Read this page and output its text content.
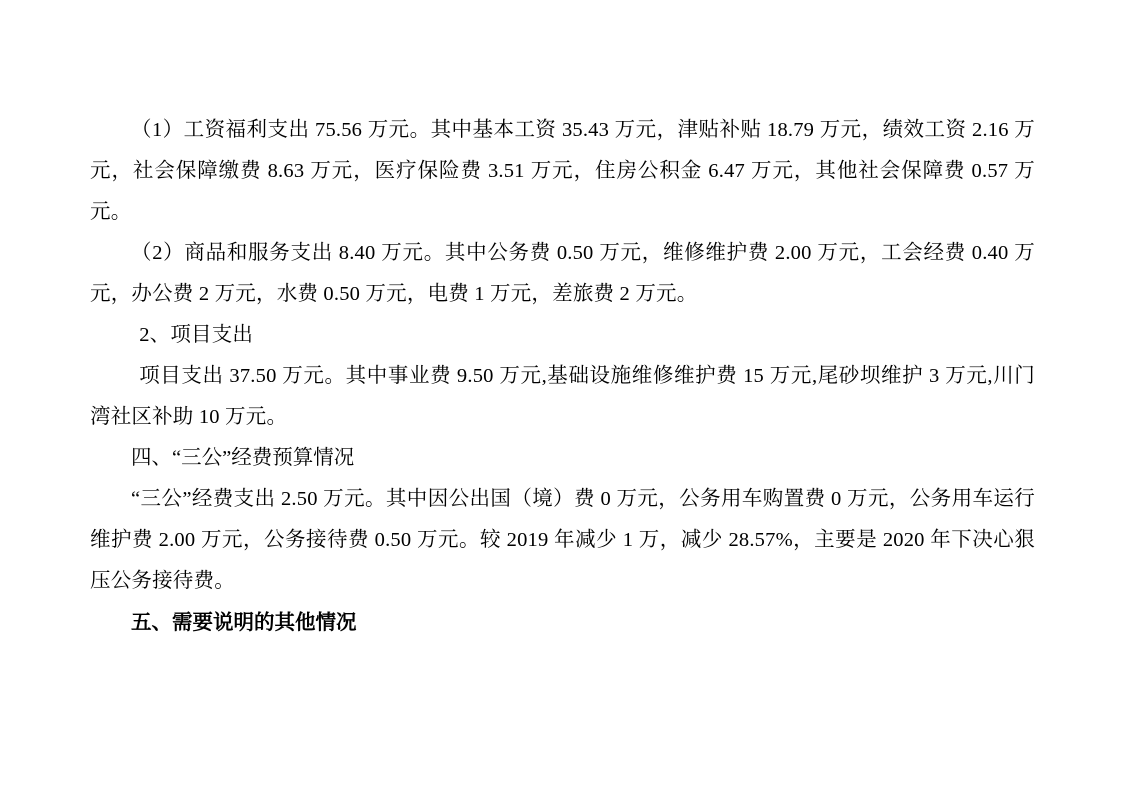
（1）工资福利支出 75.56 万元。其中基本工资 35.43 万元，津贴补贴 18.79 万元，绩效工资 2.16 万元，社会保障缴费 8.63 万元，医疗保险费 3.51 万元，住房公积金 6.47 万元，其他社会保障费 0.57 万元。

（2）商品和服务支出 8.40 万元。其中公务费 0.50 万元，维修维护费 2.00 万元，工会经费 0.40 万元，办公费 2 万元，水费 0.50 万元，电费 1 万元，差旅费 2 万元。

2、项目支出

项目支出 37.50 万元。其中事业费 9.50 万元,基础设施维修维护费 15 万元,尾砂坝维护 3 万元,川门湾社区补助 10 万元。

四、“三公”经费预算情况

“三公”经费支出 2.50 万元。其中因公出国（境）费 0 万元，公务用车购置费 0 万元，公务用车运行维护费 2.00 万元，公务接待费 0.50 万元。较 2019 年减少 1 万，减少 28.57%，主要是 2020 年下决心狠压公务接待费。

五、需要说明的其他情况
